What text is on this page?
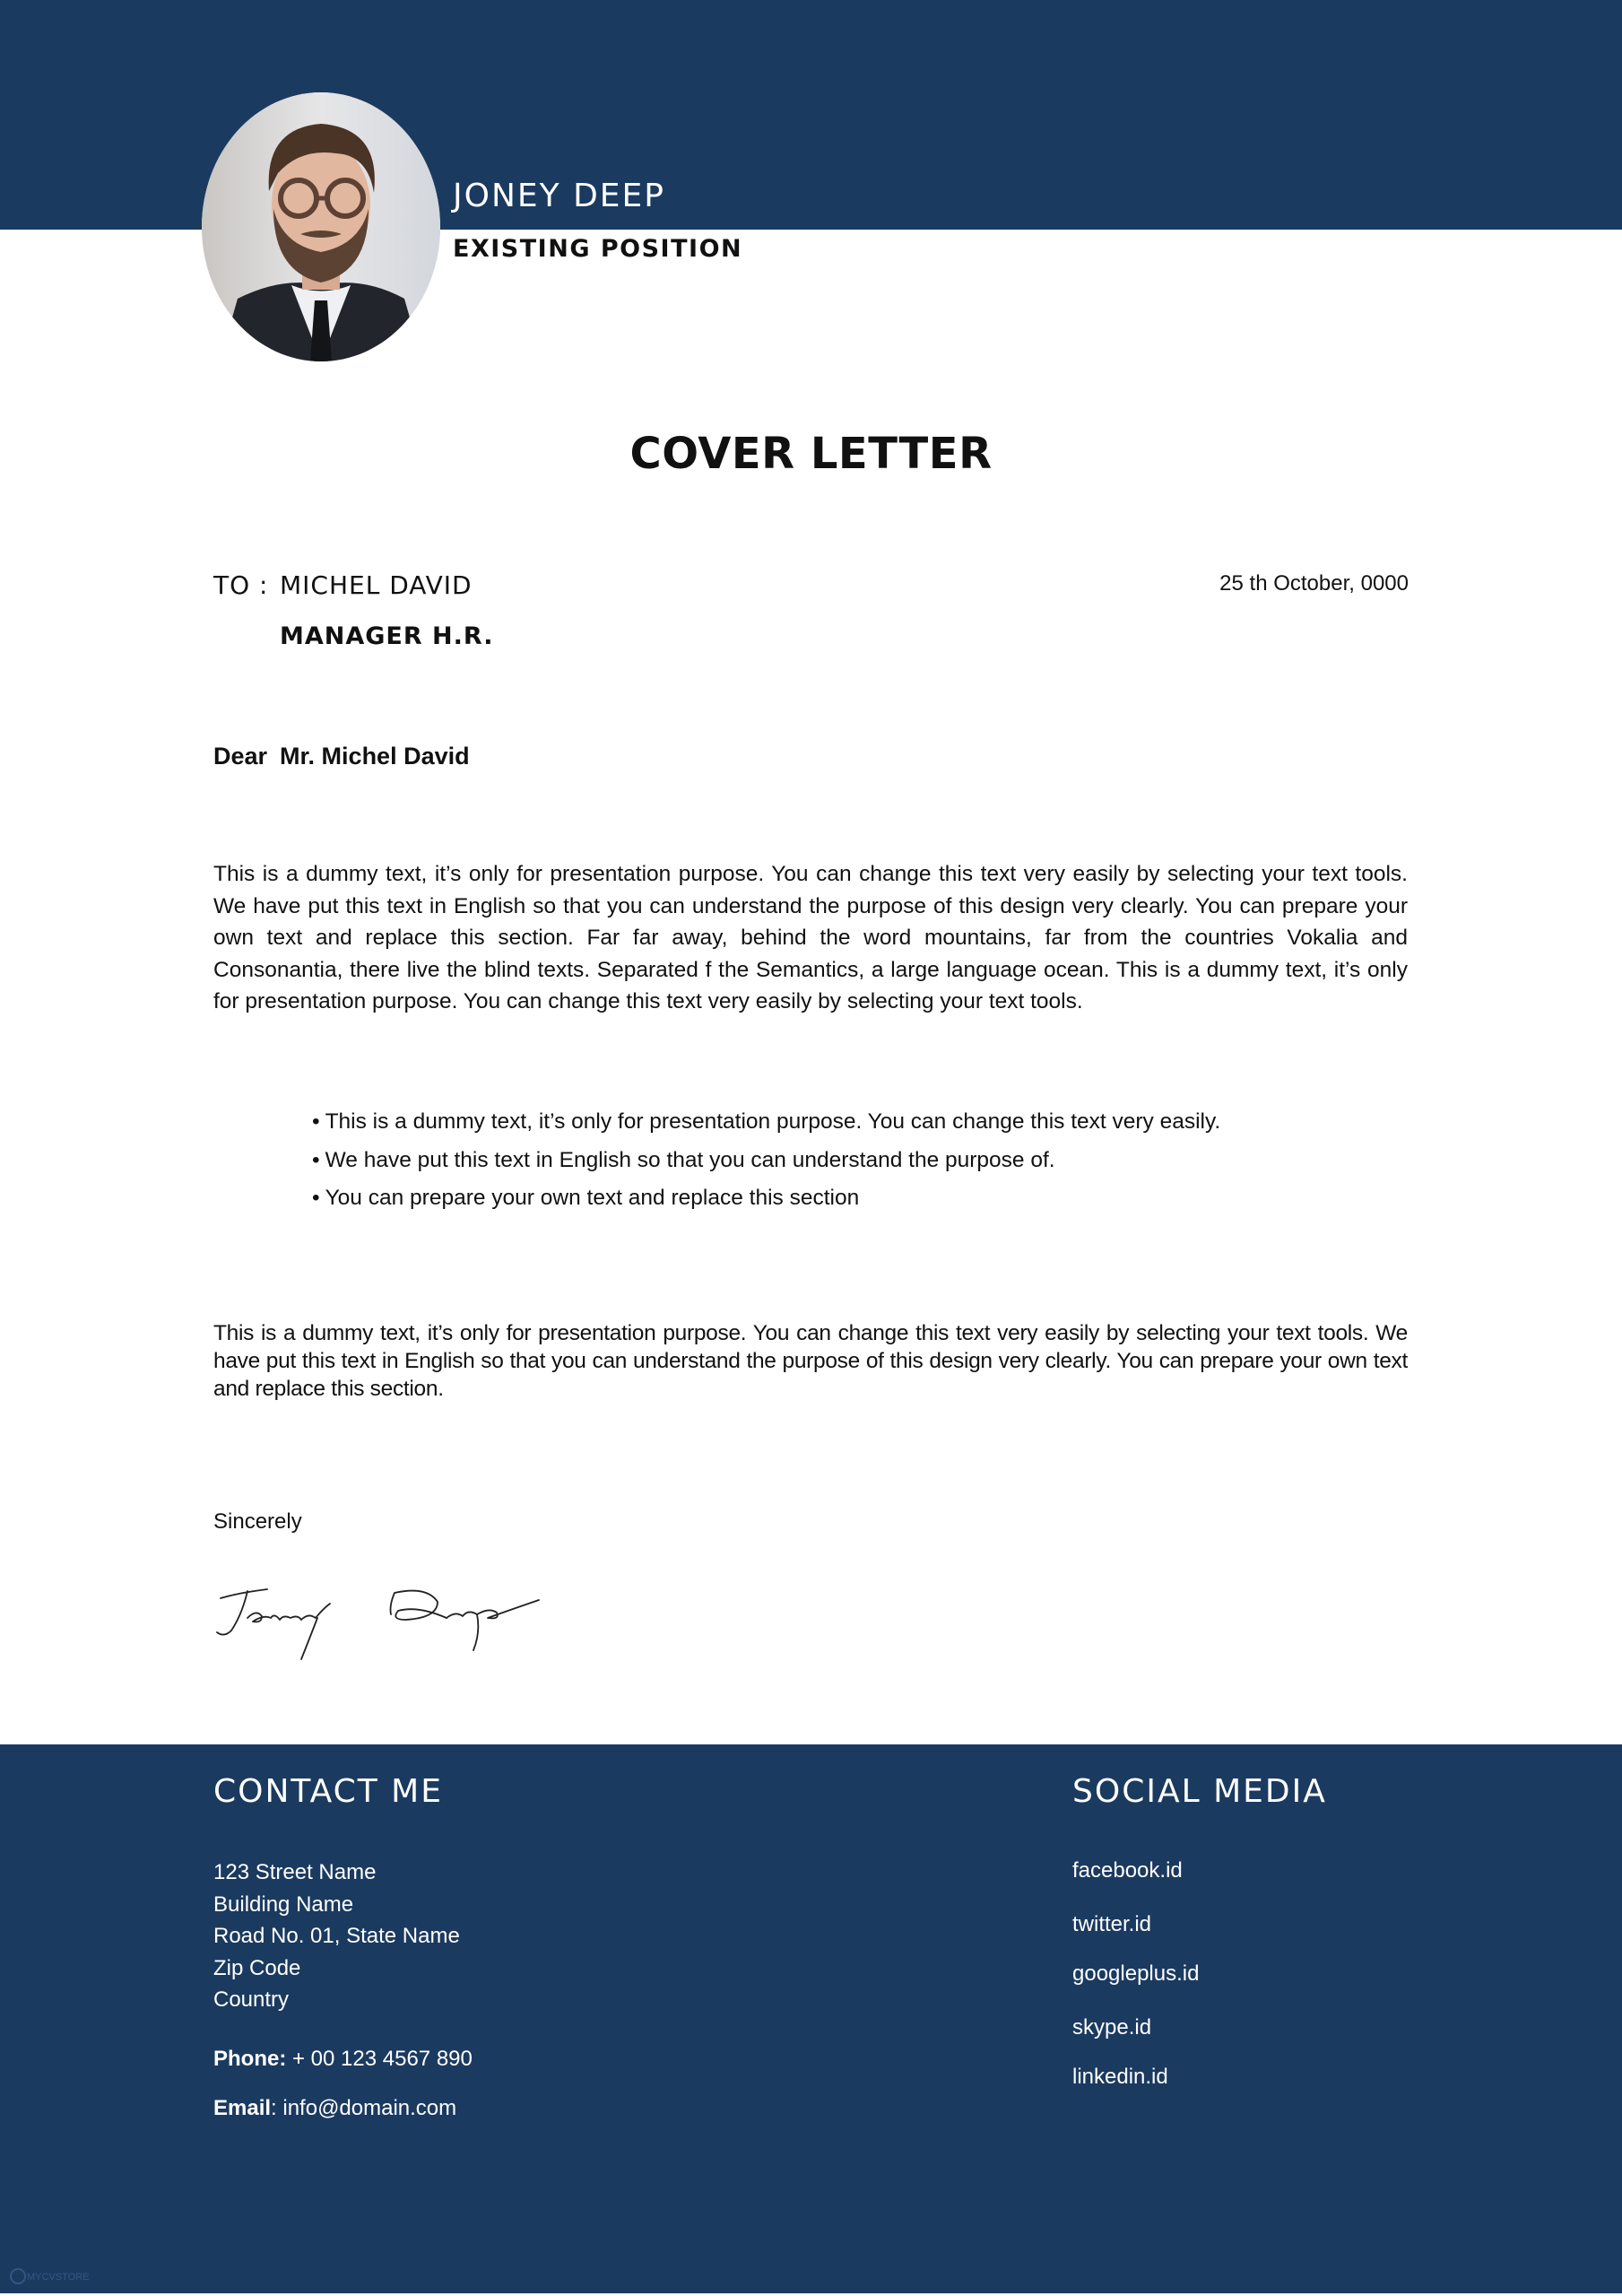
JONEY DEEP
EXISTING POSITION
COVER LETTER
TO : MICHEL DAVID
MANAGER H.R.
25 th October, 0000
Dear Mr. Michel David
This is a dummy text, it’s only for presentation purpose. You can change this text very easily by selecting your text tools. We have put this text in English so that you can understand the purpose of this design very clearly. You can prepare your own text and replace this section. Far far away, behind the word mountains, far from the countries Vokalia and Consonantia, there live the blind texts. Separated f the Semantics, a large language ocean. This is a dummy text, it’s only for presentation purpose. You can change this text very easily by selecting your text tools.
• This is a dummy text, it’s only for presentation purpose. You can change this text very easily.
• We have put this text in English so that you can understand the purpose of.
• You can prepare your own text and replace this section
This is a dummy text, it’s only for presentation purpose. You can change this text very easily by selecting your text tools. We have put this text in English so that you can understand the purpose of this design very clearly. You can prepare your own text and replace this section.
Sincerely
CONTACT ME
123 Street Name
Building Name
Road No. 01, State Name
Zip Code
Country
Phone: + 00 123 4567 890
Email: info@domain.com
SOCIAL MEDIA
facebook.id
twitter.id
googleplus.id
skype.id
linkedin.id
MYCVSTORE
